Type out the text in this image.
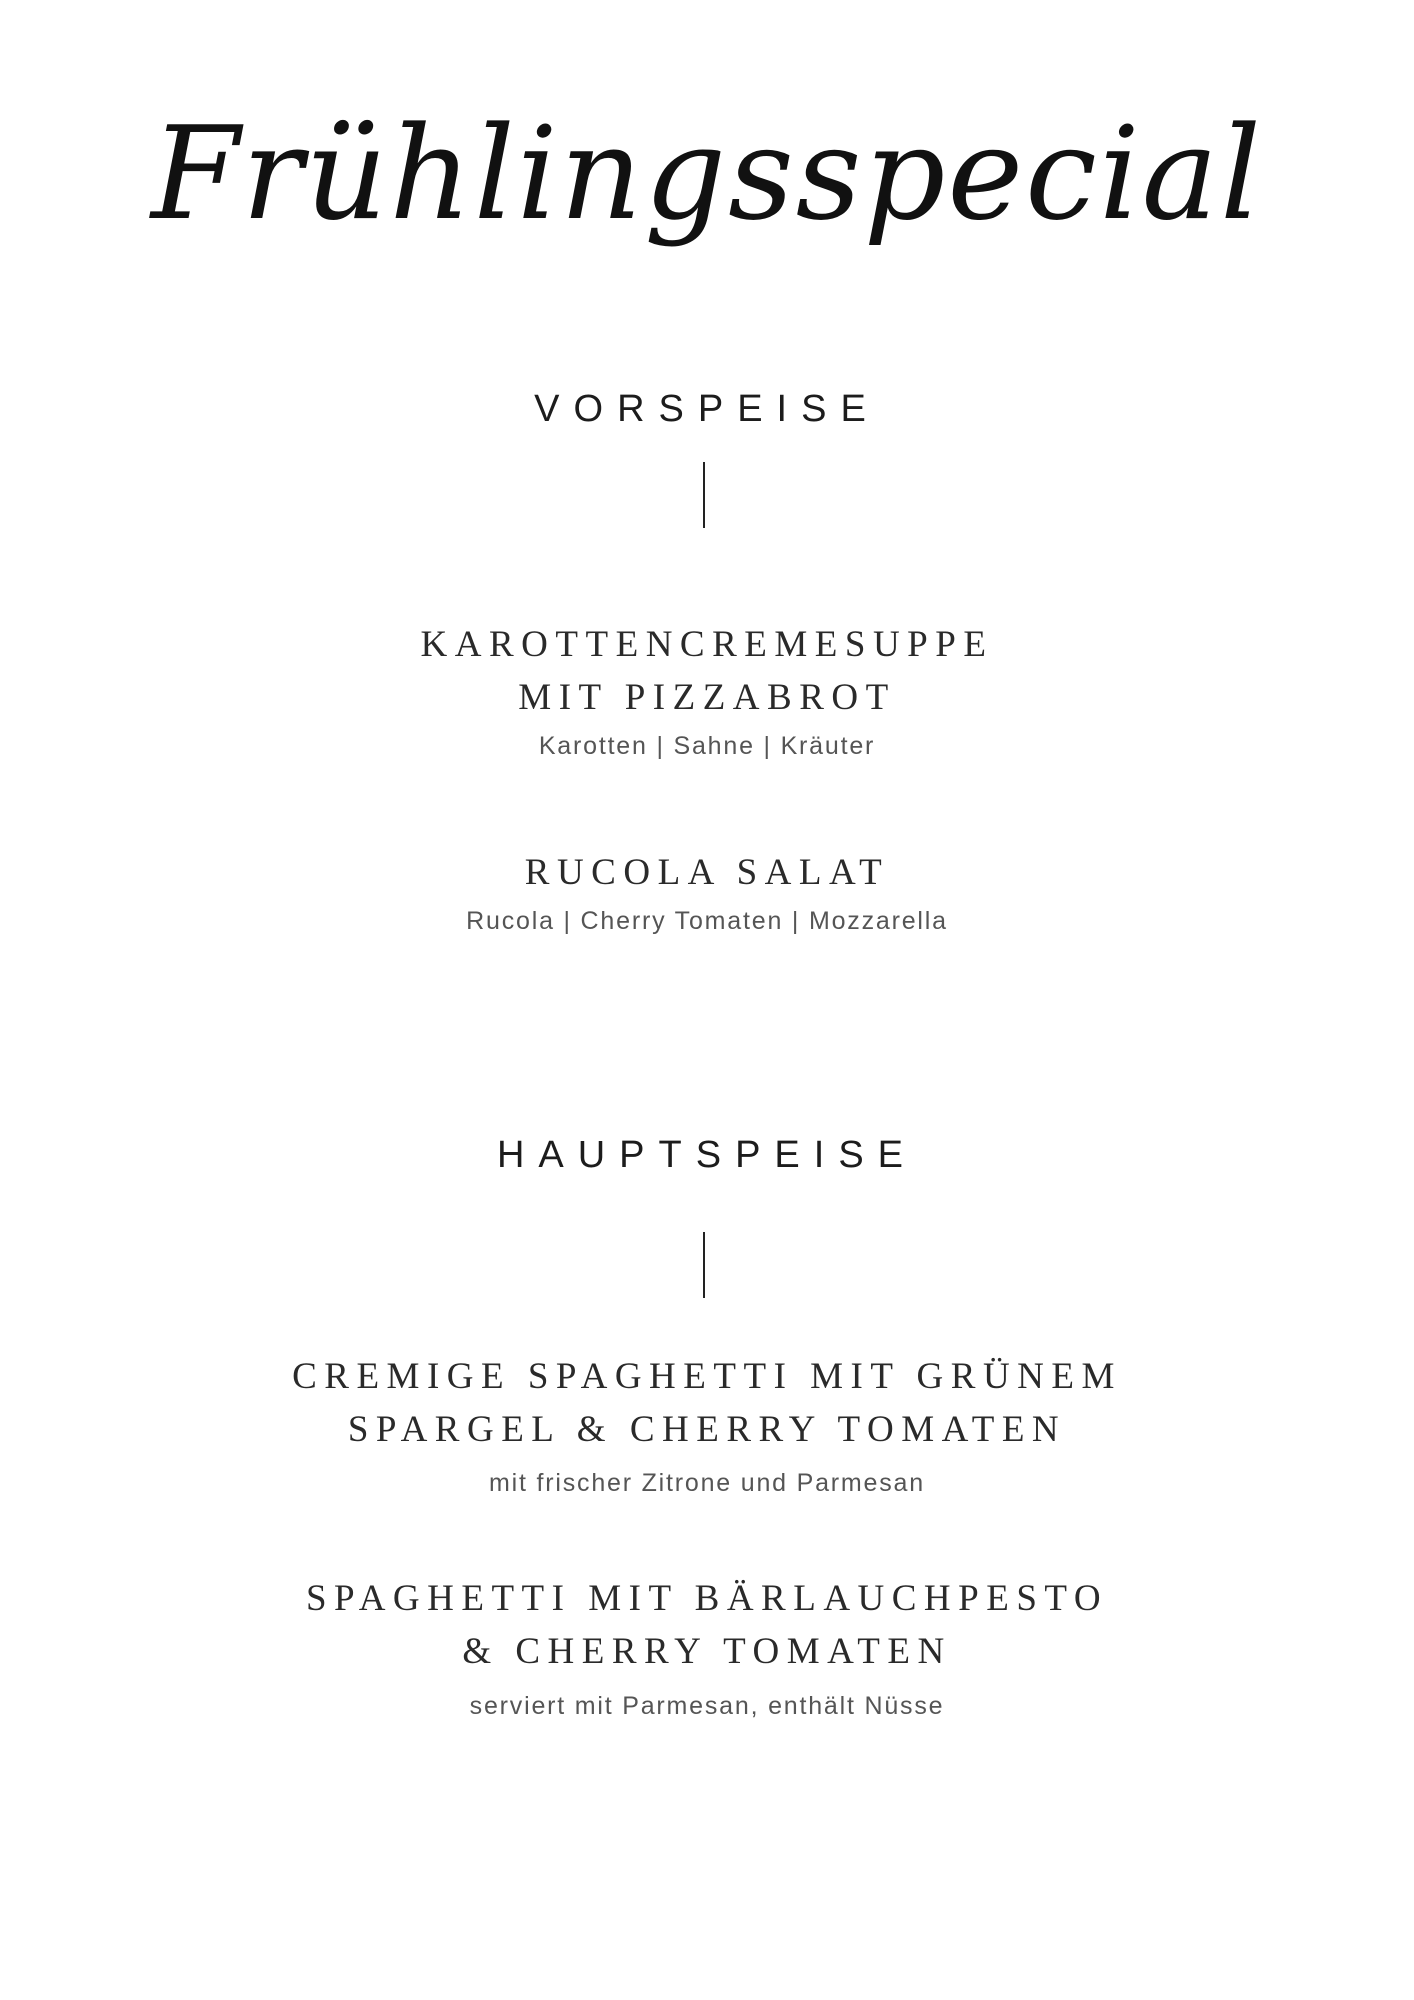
Frühlingsspecial
VORSPEISE
KAROTTENCREMESUPPE
MIT PIZZABROT
Karotten | Sahne | Kräuter
RUCOLA SALAT
Rucola | Cherry Tomaten | Mozzarella
HAUPTSPEISE
CREMIGE SPAGHETTI MIT GRÜNEM
SPARGEL & CHERRY TOMATEN
mit frischer Zitrone und Parmesan
SPAGHETTI MIT BÄRLAUCHPESTO
& CHERRY TOMATEN
serviert mit Parmesan, enthält Nüsse
